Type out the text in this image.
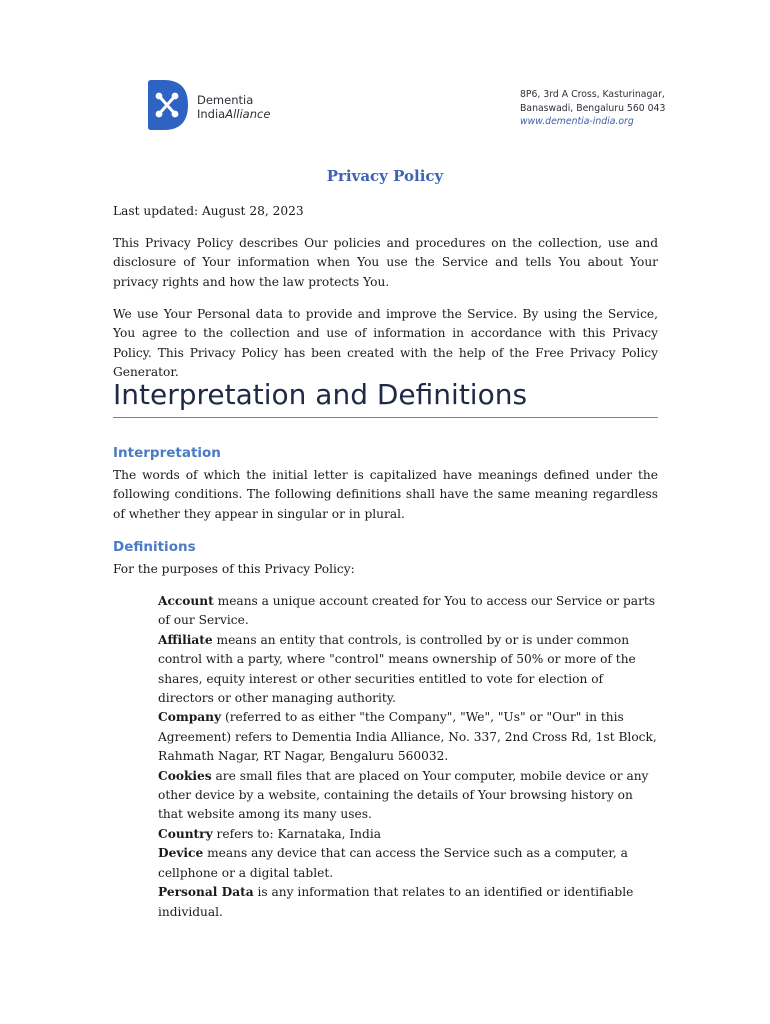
Dementia
IndiaAlliance
8P6, 3rd A Cross, Kasturinagar,
Banaswadi, Bengaluru 560 043
www.dementia-india.org
Privacy Policy
Last updated: August 28, 2023
This Privacy Policy describes Our policies and procedures on the collection, use and disclosure of Your information when You use the Service and tells You about Your privacy rights and how the law protects You.
We use Your Personal data to provide and improve the Service. By using the Service, You agree to the collection and use of information in accordance with this Privacy Policy. This Privacy Policy has been created with the help of the Free Privacy Policy Generator.
Interpretation and Definitions
Interpretation
The words of which the initial letter is capitalized have meanings defined under the following conditions. The following definitions shall have the same meaning regardless of whether they appear in singular or in plural.
Definitions
For the purposes of this Privacy Policy:

Account means a unique account created for You to access our Service or parts of our Service.

Affiliate means an entity that controls, is controlled by or is under common control with a party, where "control" means ownership of 50% or more of the shares, equity interest or other securities entitled to vote for election of directors or other managing authority.

Company (referred to as either "the Company", "We", "Us" or "Our" in this Agreement) refers to Dementia India Alliance, No. 337, 2nd Cross Rd, 1st Block, Rahmath Nagar, RT Nagar, Bengaluru 560032.

Cookies are small files that are placed on Your computer, mobile device or any other device by a website, containing the details of Your browsing history on that website among its many uses.

Country refers to: Karnataka, India

Device means any device that can access the Service such as a computer, a cellphone or a digital tablet.

Personal Data is any information that relates to an identified or identifiable individual.
